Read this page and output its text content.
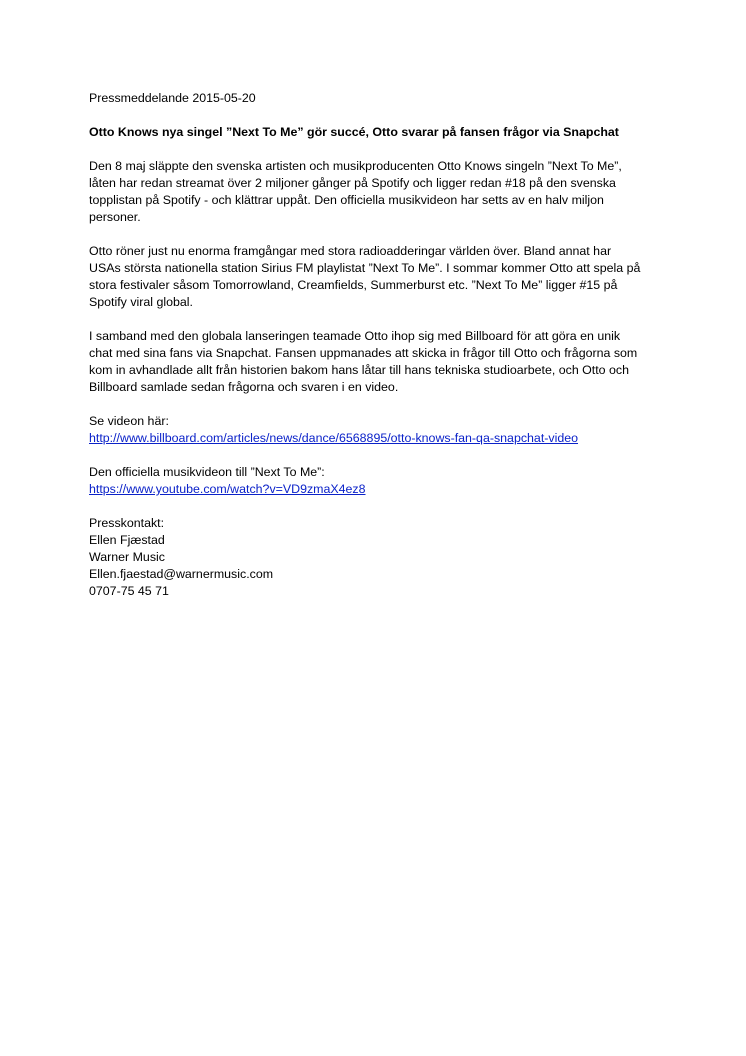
Pressmeddelande 2015-05-20
Otto Knows nya singel ”Next To Me” gör succé, Otto svarar på fansen frågor via Snapchat
Den 8 maj släppte den svenska artisten och musikproducenten Otto Knows singeln ”Next To Me”,
låten har redan streamat över 2 miljoner gånger på Spotify och ligger redan #18 på den svenska
topplistan på Spotify - och klättrar uppåt. Den officiella musikvideon har setts av en halv miljon
personer.
Otto röner just nu enorma framgångar med stora radioadderingar världen över. Bland annat har
USAs största nationella station Sirius FM playlistat ”Next To Me”. I sommar kommer Otto att spela på
stora festivaler såsom Tomorrowland, Creamfields, Summerburst etc. ”Next To Me” ligger #15 på
Spotify viral global.
I samband med den globala lanseringen teamade Otto ihop sig med Billboard för att göra en unik
chat med sina fans via Snapchat. Fansen uppmanades att skicka in frågor till Otto och frågorna som
kom in avhandlade allt från historien bakom hans låtar till hans tekniska studioarbete, och Otto och
Billboard samlade sedan frågorna och svaren i en video.
Se videon här:
http://www.billboard.com/articles/news/dance/6568895/otto-knows-fan-qa-snapchat-video
Den officiella musikvideon till ”Next To Me”:
https://www.youtube.com/watch?v=VD9zmaX4ez8
Presskontakt:
Ellen Fjæstad
Warner Music
Ellen.fjaestad@warnermusic.com
0707-75 45 71
